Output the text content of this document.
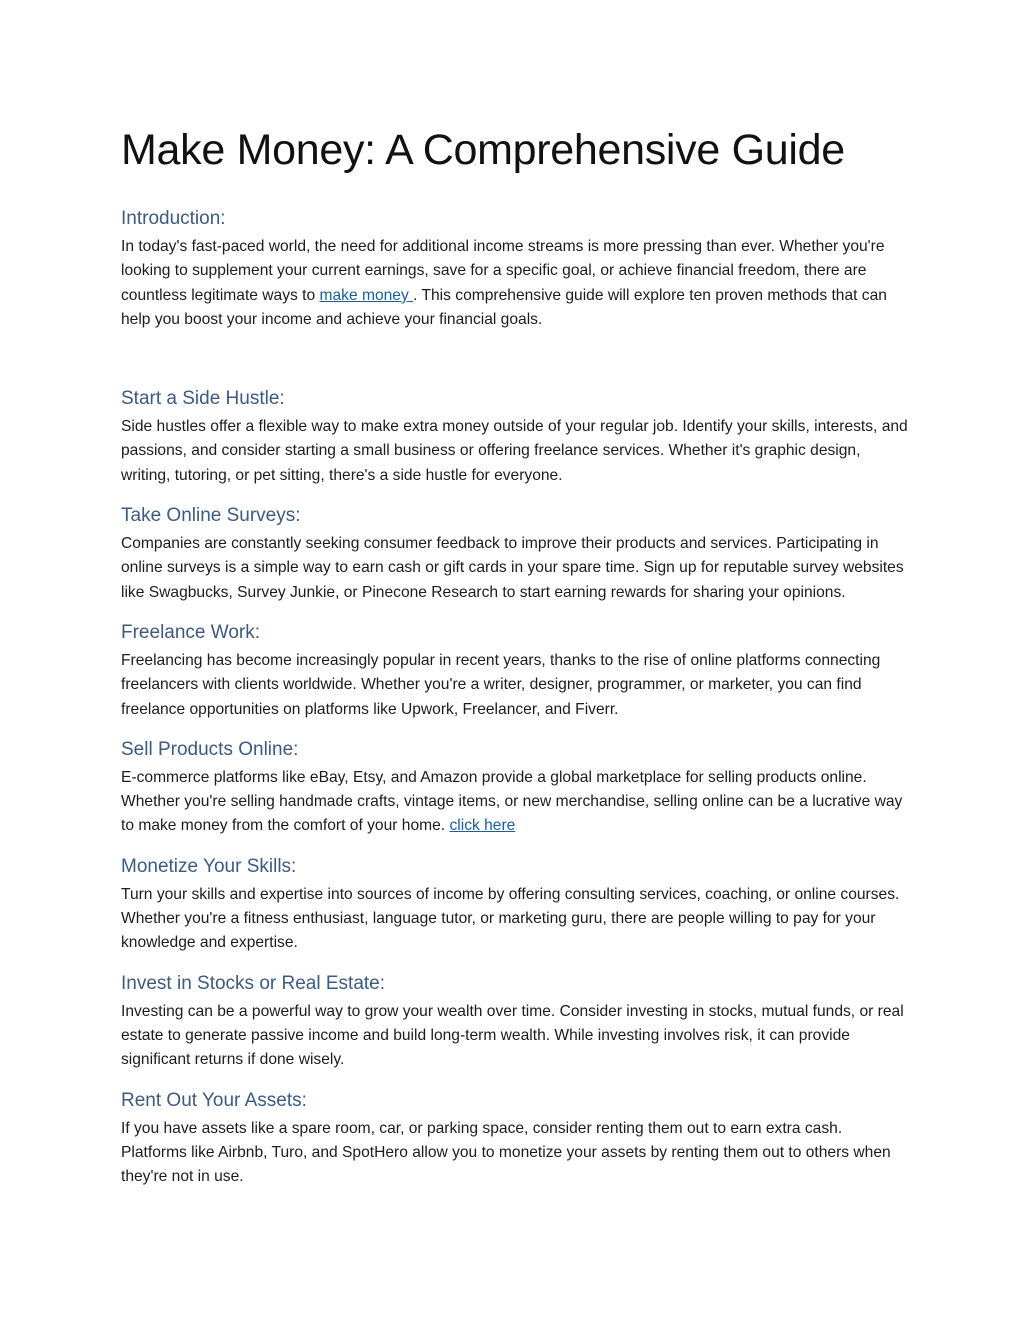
Make Money: A Comprehensive Guide
Introduction:

In today's fast-paced world, the need for additional income streams is more pressing than ever. Whether you're looking to supplement your current earnings, save for a specific goal, or achieve financial freedom, there are countless legitimate ways to make money . This comprehensive guide will explore ten proven methods that can help you boost your income and achieve your financial goals.

Start a Side Hustle:

Side hustles offer a flexible way to make extra money outside of your regular job. Identify your skills, interests, and passions, and consider starting a small business or offering freelance services. Whether it's graphic design, writing, tutoring, or pet sitting, there's a side hustle for everyone.

Take Online Surveys:

Companies are constantly seeking consumer feedback to improve their products and services. Participating in online surveys is a simple way to earn cash or gift cards in your spare time. Sign up for reputable survey websites like Swagbucks, Survey Junkie, or Pinecone Research to start earning rewards for sharing your opinions.

Freelance Work:

Freelancing has become increasingly popular in recent years, thanks to the rise of online platforms connecting freelancers with clients worldwide. Whether you're a writer, designer, programmer, or marketer, you can find freelance opportunities on platforms like Upwork, Freelancer, and Fiverr.

Sell Products Online:

E-commerce platforms like eBay, Etsy, and Amazon provide a global marketplace for selling products online. Whether you're selling handmade crafts, vintage items, or new merchandise, selling online can be a lucrative way to make money from the comfort of your home. click here

Monetize Your Skills:

Turn your skills and expertise into sources of income by offering consulting services, coaching, or online courses. Whether you're a fitness enthusiast, language tutor, or marketing guru, there are people willing to pay for your knowledge and expertise.

Invest in Stocks or Real Estate:

Investing can be a powerful way to grow your wealth over time. Consider investing in stocks, mutual funds, or real estate to generate passive income and build long-term wealth. While investing involves risk, it can provide significant returns if done wisely.

Rent Out Your Assets:

If you have assets like a spare room, car, or parking space, consider renting them out to earn extra cash. Platforms like Airbnb, Turo, and SpotHero allow you to monetize your assets by renting them out to others when they're not in use.
